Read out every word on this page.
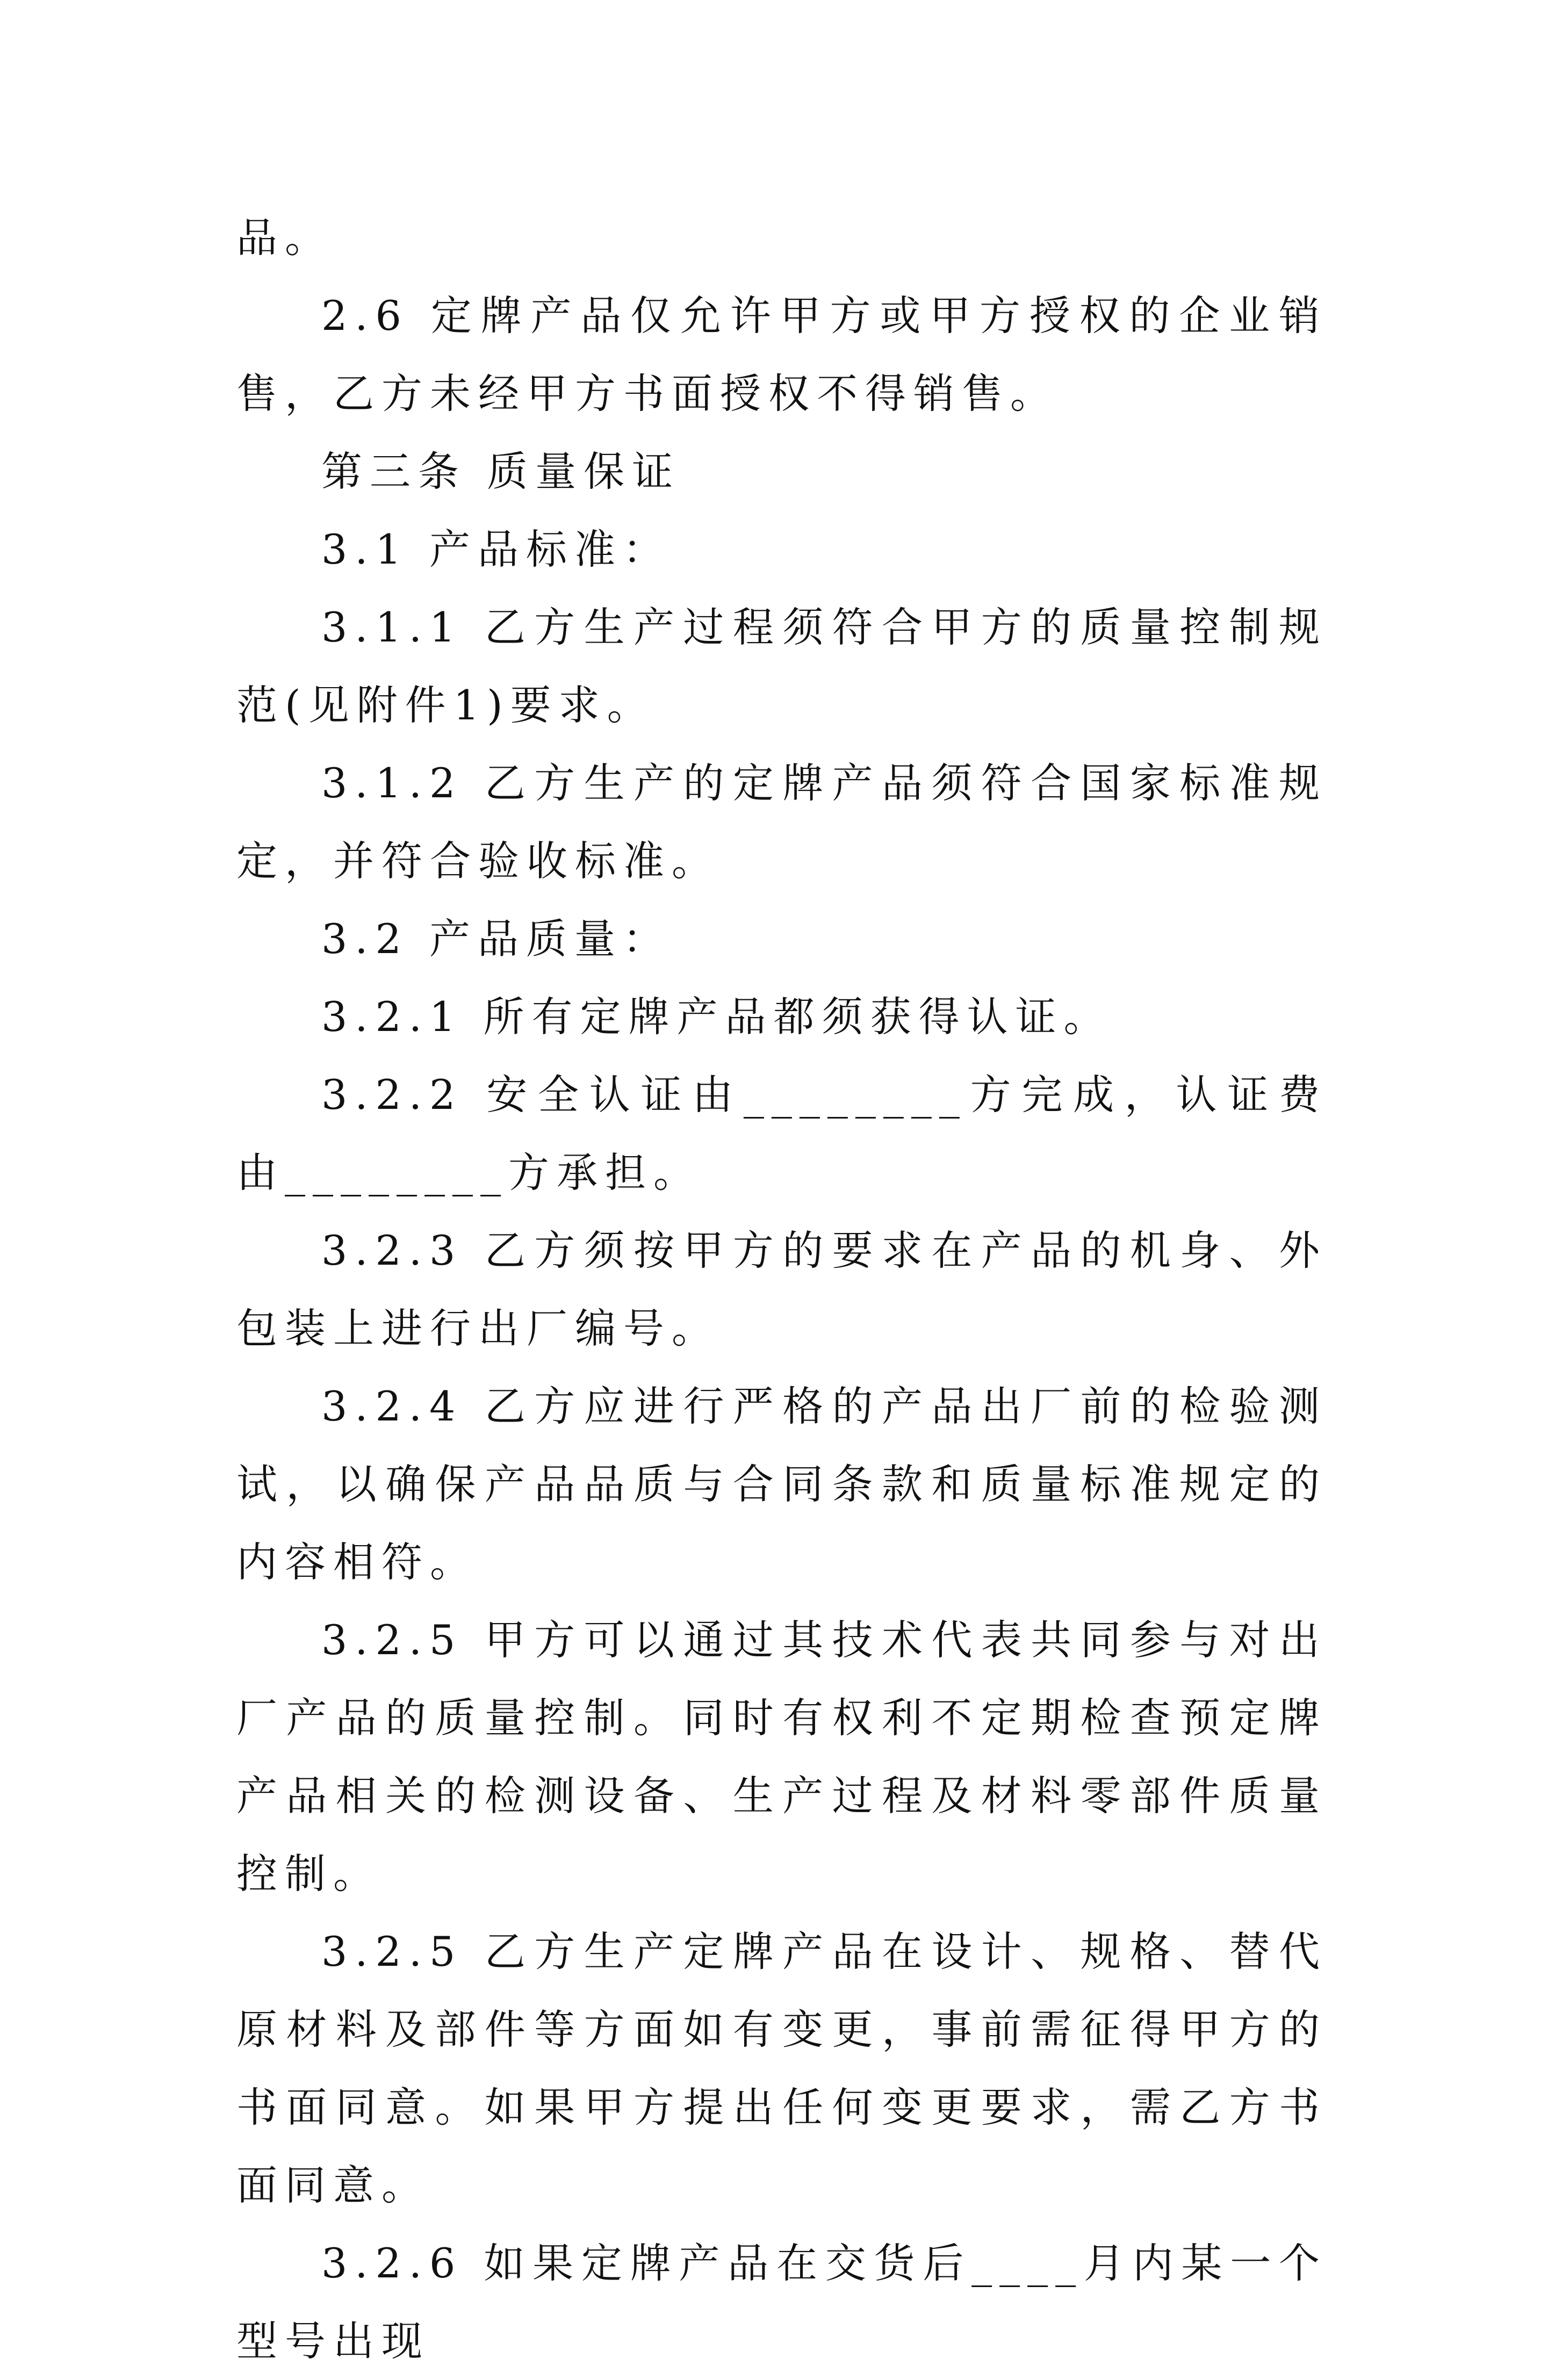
品。

2.6 定牌产品仅允许甲方或甲方授权的企业销售，乙方未经甲方书面授权不得销售。

第三条 质量保证

3.1 产品标准：

3.1.1 乙方生产过程须符合甲方的质量控制规范(见附件1)要求。

3.1.2 乙方生产的定牌产品须符合国家标准规定，并符合验收标准。

3.2 产品质量：

3.2.1 所有定牌产品都须获得认证。

3.2.2 安全认证由________方完成，认证费由________方承担。

3.2.3 乙方须按甲方的要求在产品的机身、外包装上进行出厂编号。

3.2.4 乙方应进行严格的产品出厂前的检验测试，以确保产品品质与合同条款和质量标准规定的内容相符。

3.2.5 甲方可以通过其技术代表共同参与对出厂产品的质量控制。同时有权利不定期检查预定牌产品相关的检测设备、生产过程及材料零部件质量控制。

3.2.5 乙方生产定牌产品在设计、规格、替代原材料及部件等方面如有变更，事前需征得甲方的书面同意。如果甲方提出任何变更要求，需乙方书面同意。

3.2.6 如果定牌产品在交货后____月内某一个型号出现
